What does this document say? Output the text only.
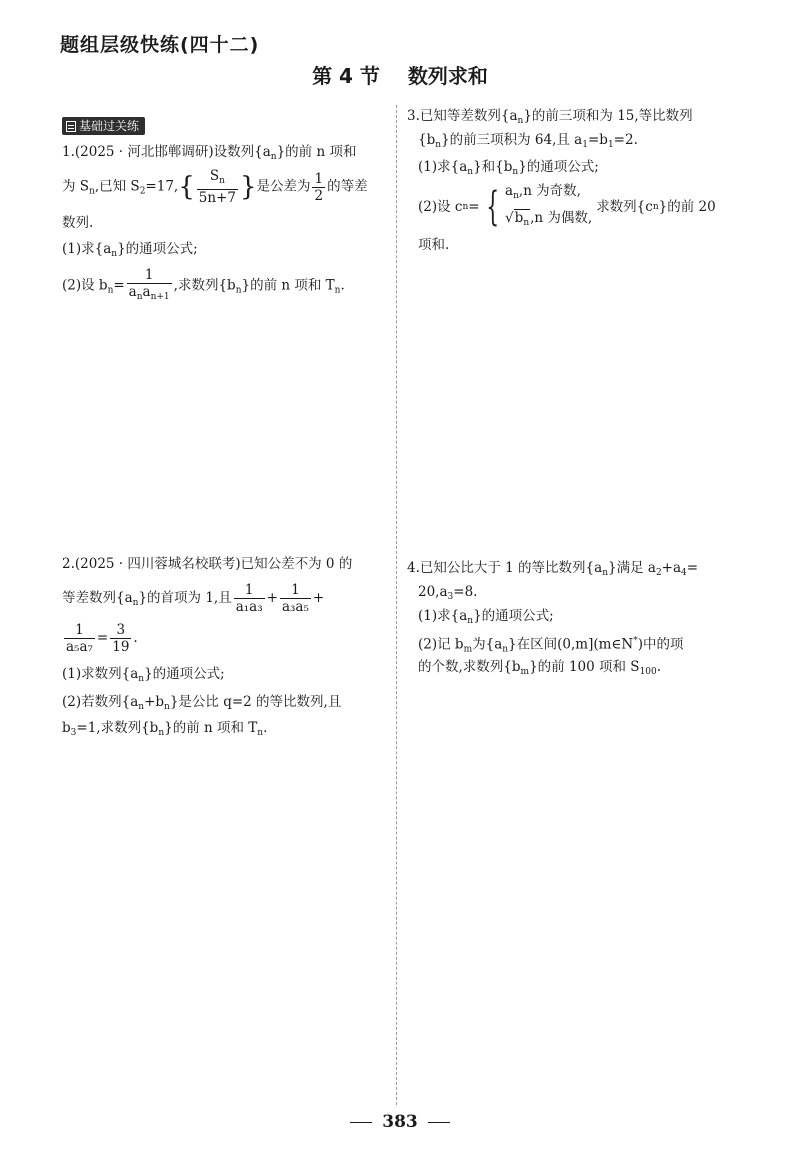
题组层级快练(四十二)
第 4 节 数列求和
基础过关练
1.(2025 · 河北邯郸调研)设数列$\{a_n\}$的前 n 项和
为 $S_n$,已知 $S_2=17,\{ \frac{S_n}{5n+7}$ }是公差为 $\frac{1}{2}$ 的等差
数列.
(1)求$\{a_n\}$的通项公式;
(2)设 $b_n= \frac{1}{a_na_{n+1}}$ ,求数列$\{b_n\}$的前 n 项和 $T_n$.
2.(2025 · 四川蓉城名校联考)已知公差不为 0 的
等差数列$\{a_n\}$的首项为 1,且 $\frac{1}{\text{a₁a₃}} + \frac{1}{\text{a₃a₅}}$ +
$\frac{1}{\text{a₅a₇}} = \frac{3}{19}$ .
(1)求数列$\{a_n\}$的通项公式;
(2)若数列$\{a_n+b_n\}$是公比 q=2 的等比数列,且
$b_3=1$,求数列$\{b_n\}$的前 n 项和 $T_n$.
3.已知等差数列$\{a_n\}$的前三项和为 15,等比数列
$\{b_n\}$的前三项积为 64,且 $a_1=b_1=2$.
(1)求$\{a_n\}$和$\{b_n\}$的通项公式;
(2)设 cn= { $a_n,n$ 为奇数,
$√b_n,n$ 为偶数,
求数列{cn}的前 20
项和.
4.已知公比大于 1 的等比数列$\{a_n\}$满足 $a_2+a_4=$
$20,a_3=8$.
(1)求$\{a_n\}$的通项公式;
(2)记 $b_m$为$\{a_n\}$在区间(0,m](m∈N*)中的项
的个数,求数列$\{b_m\}$的前 100 项和 $S_{100}$.
383
